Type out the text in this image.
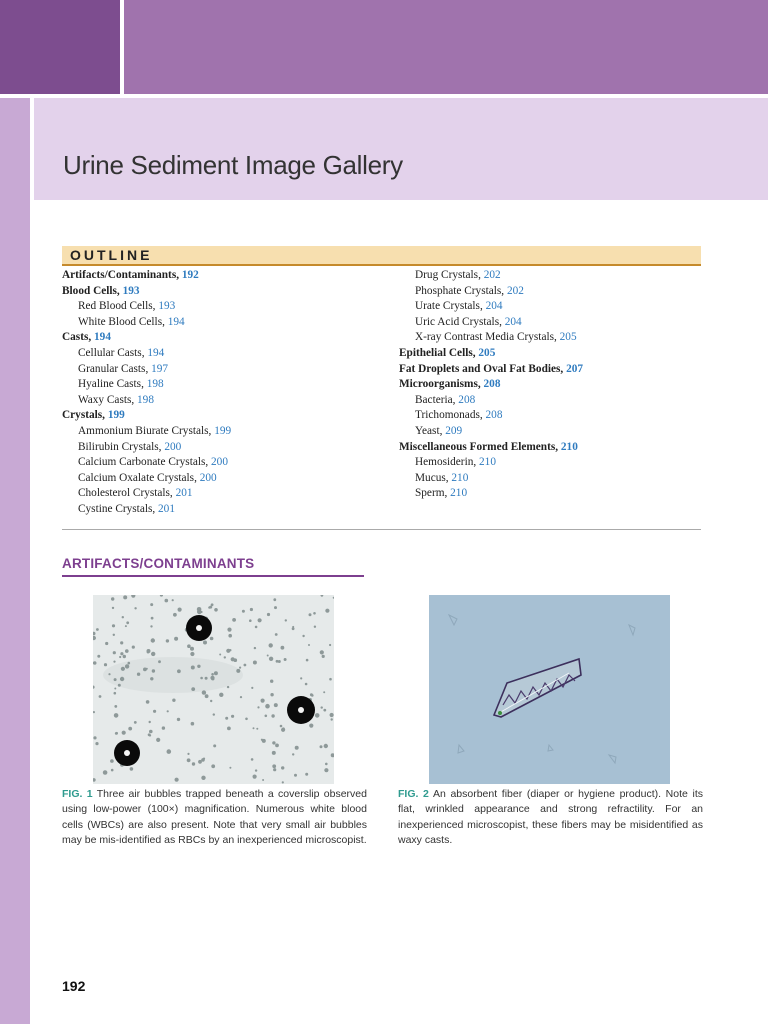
Urine Sediment Image Gallery
OUTLINE
Artifacts/Contaminants, 192
Blood Cells, 193
Red Blood Cells, 193
White Blood Cells, 194
Casts, 194
Cellular Casts, 194
Granular Casts, 197
Hyaline Casts, 198
Waxy Casts, 198
Crystals, 199
Ammonium Biurate Crystals, 199
Bilirubin Crystals, 200
Calcium Carbonate Crystals, 200
Calcium Oxalate Crystals, 200
Cholesterol Crystals, 201
Cystine Crystals, 201
Drug Crystals, 202
Phosphate Crystals, 202
Urate Crystals, 204
Uric Acid Crystals, 204
X-ray Contrast Media Crystals, 205
Epithelial Cells, 205
Fat Droplets and Oval Fat Bodies, 207
Microorganisms, 208
Bacteria, 208
Trichomonads, 208
Yeast, 209
Miscellaneous Formed Elements, 210
Hemosiderin, 210
Mucus, 210
Sperm, 210
ARTIFACTS/CONTAMINANTS
FIG. 1 Three air bubbles trapped beneath a coverslip observed using low-power (100×) magnification. Numerous white blood cells (WBCs) are also present. Note that very small air bubbles may be mis-identified as RBCs by an inexperienced microscopist.
FIG. 2 An absorbent fiber (diaper or hygiene product). Note its flat, wrinkled appearance and strong refractility. For an inexperienced microscopist, these fibers may be misidentified as waxy casts.
192
